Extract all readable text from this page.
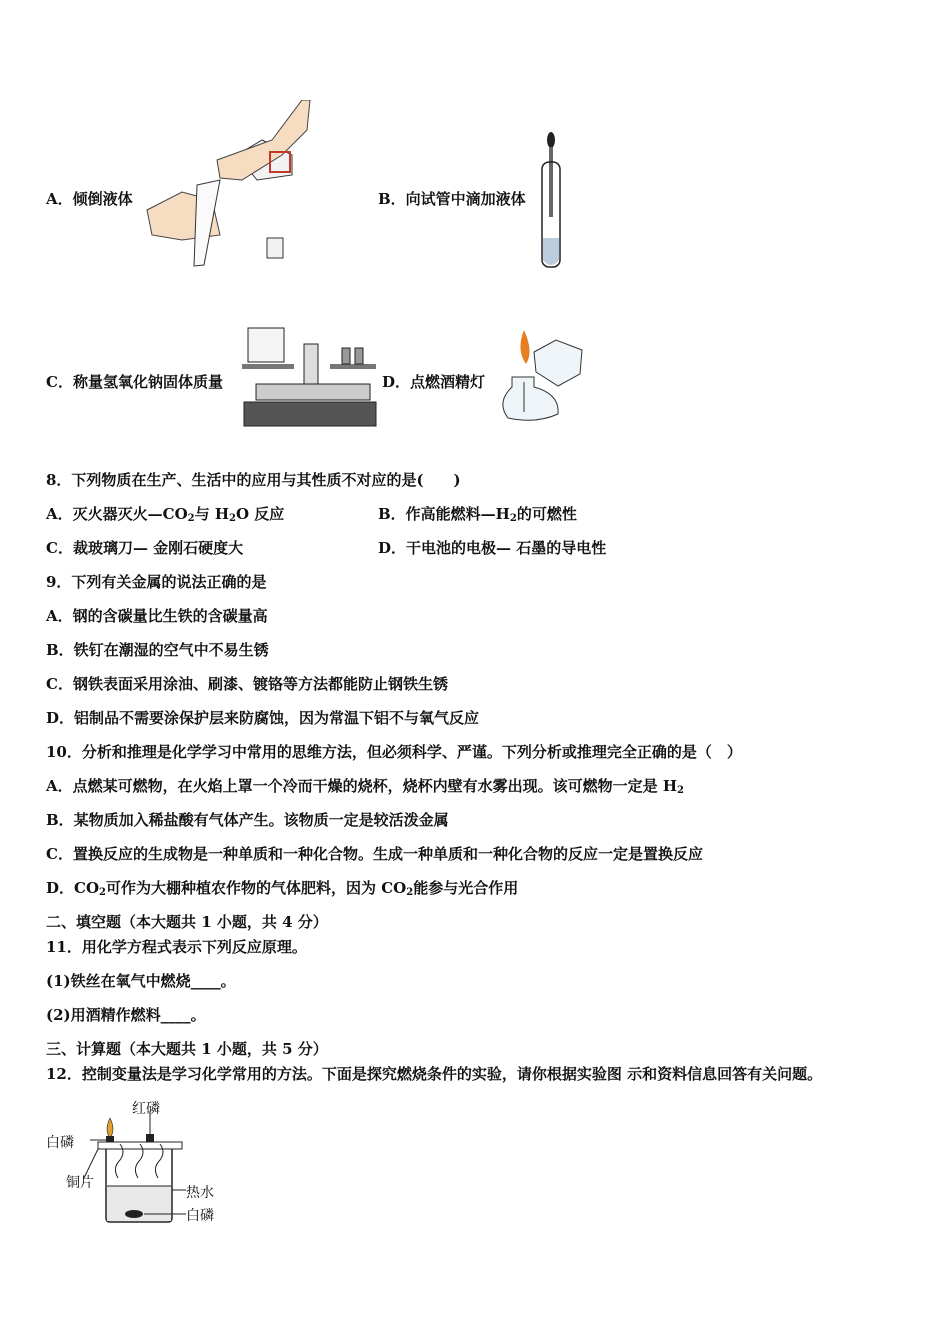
A．倾倒液体	B．向试管中滴加液体
C．称量氢氧化钠固体质量	D．点燃酒精灯
8．下列物质在生产、生活中的应用与其性质不对应的是(　　)
A．灭火器灭火$—CO_2$与 $H_2O$ 反应	B．作高能燃料$—H_2$的可燃性
C．裁玻璃刀— 金刚石硬度大	D．干电池的电极— 石墨的导电性
9．下列有关金属的说法正确的是
A．钢的含碳量比生铁的含碳量高
B．铁钉在潮湿的空气中不易生锈
C．钢铁表面采用涂油、刷漆、镀铬等方法都能防止钢铁生锈
D．铝制品不需要涂保护层来防腐蚀，因为常温下铝不与氧气反应
10．分析和推理是化学学习中常用的思维方法，但必须科学、严谨。下列分析或推理完全正确的是（　）
A．点燃某可燃物，在火焰上罩一个冷而干燥的烧杯，烧杯内壁有水雾出现。该可燃物一定是 $H_2$
B．某物质加入稀盐酸有气体产生。该物质一定是较活泼金属
C．置换反应的生成物是一种单质和一种化合物。生成一种单质和一种化合物的反应一定是置换反应
D．$CO_2$可作为大棚种植农作物的气体肥料，因为 $CO_2$能参与光合作用
二、填空题（本大题共 1 小题，共 4 分）
11．用化学方程式表示下列反应原理。
(1)铁丝在氧气中燃烧____。
(2)用酒精作燃料____。
三、计算题（本大题共 1 小题，共 5 分）
12．控制变量法是学习化学常用的方法。下面是探究燃烧条件的实验，请你根据实验图 示和资料信息回答有关问题。
红磷
白磷
铜片
热水
白磷
